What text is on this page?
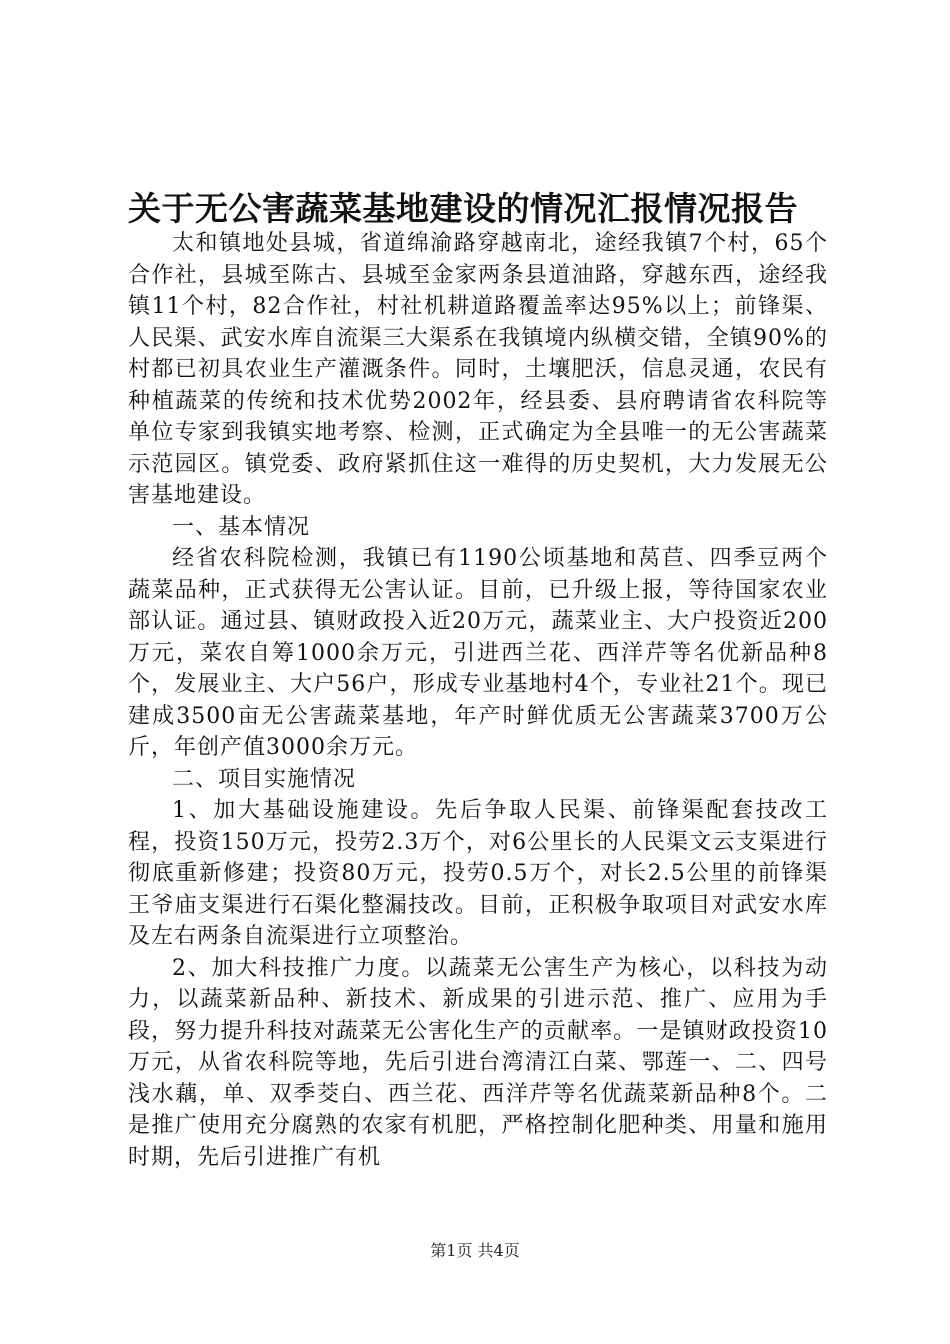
关于无公害蔬菜基地建设的情况汇报情况报告

太和镇地处县城，省道绵渝路穿越南北，途经我镇7个村，65个合作社，县城至陈古、县城至金家两条县道油路，穿越东西，途经我镇11个村，82合作社，村社机耕道路覆盖率达95%以上；前锋渠、人民渠、武安水库自流渠三大渠系在我镇境内纵横交错，全镇90%的村都已初具农业生产灌溉条件。同时，土壤肥沃，信息灵通，农民有种植蔬菜的传统和技术优势2002年，经县委、县府聘请省农科院等单位专家到我镇实地考察、检测，正式确定为全县唯一的无公害蔬菜示范园区。镇党委、政府紧抓住这一难得的历史契机，大力发展无公害基地建设。

一、基本情况

经省农科院检测，我镇已有1190公顷基地和莴苣、四季豆两个蔬菜品种，正式获得无公害认证。目前，已升级上报，等待国家农业部认证。通过县、镇财政投入近20万元，蔬菜业主、大户投资近200万元，菜农自筹1000余万元，引进西兰花、西洋芹等名优新品种8个，发展业主、大户56户，形成专业基地村4个，专业社21个。现已建成3500亩无公害蔬菜基地，年产时鲜优质无公害蔬菜3700万公斤，年创产值3000余万元。

二、项目实施情况

1、加大基础设施建设。先后争取人民渠、前锋渠配套技改工程，投资150万元，投劳2.3万个，对6公里长的人民渠文云支渠进行彻底重新修建；投资80万元，投劳0.5万个，对长2.5公里的前锋渠王爷庙支渠进行石渠化整漏技改。目前，正积极争取项目对武安水库及左右两条自流渠进行立项整治。

2、加大科技推广力度。以蔬菜无公害生产为核心，以科技为动力，以蔬菜新品种、新技术、新成果的引进示范、推广、应用为手段，努力提升科技对蔬菜无公害化生产的贡献率。一是镇财政投资10万元，从省农科院等地，先后引进台湾清江白菜、鄂莲一、二、四号浅水藕，单、双季茭白、西兰花、西洋芹等名优蔬菜新品种8个。二是推广使用充分腐熟的农家有机肥，严格控制化肥种类、用量和施用时期，先后引进推广有机

第1页 共4页
